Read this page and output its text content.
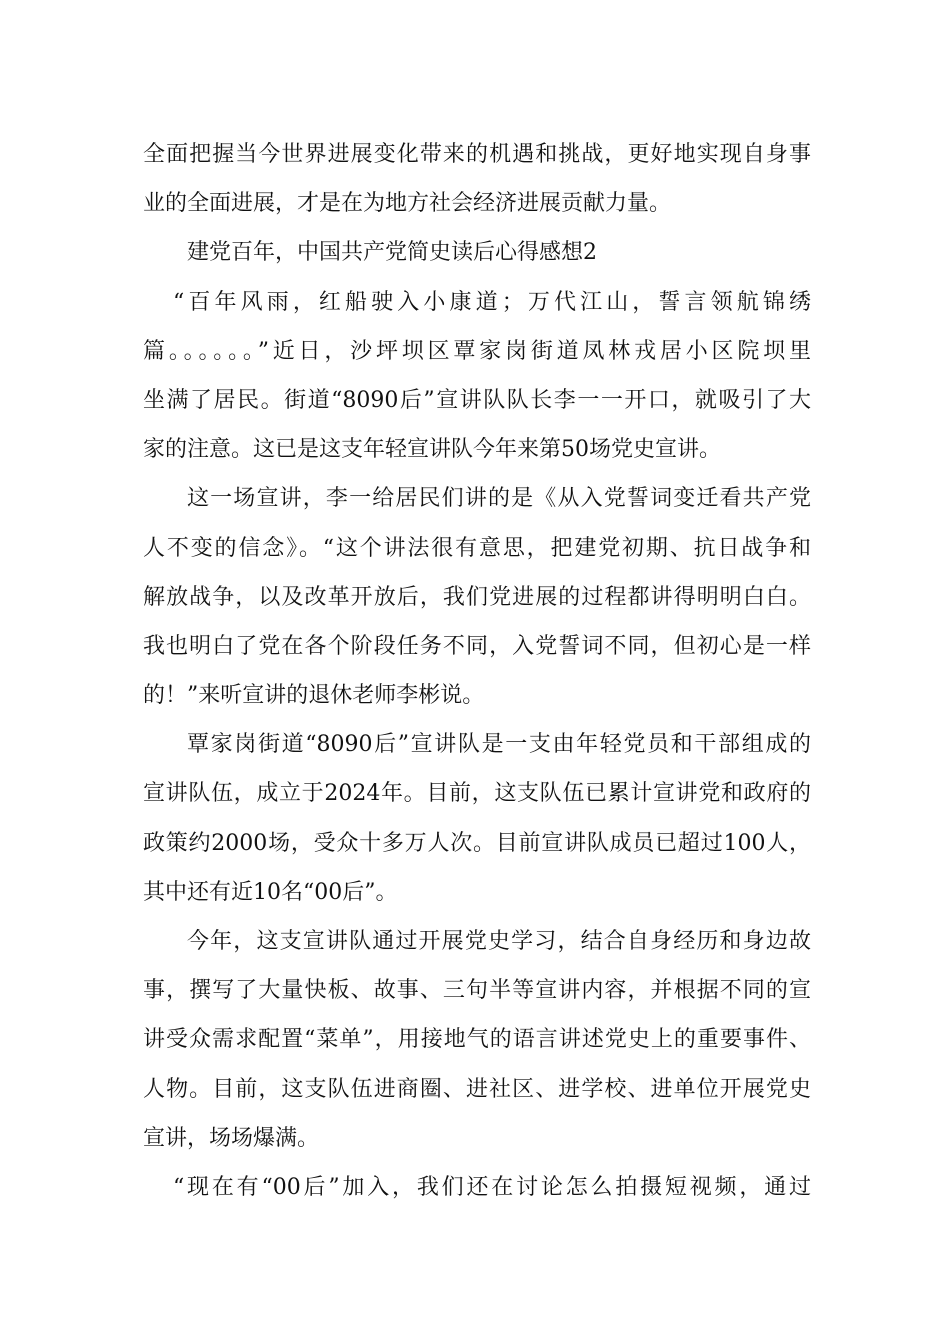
全面把握当今世界进展变化带来的机遇和挑战，更好地实现自身事
业的全面进展，才是在为地方社会经济进展贡献力量。
建党百年，中国共产党简史读后心得感想2
“百年风雨，红船驶入小康道；万代江山，誓言领航锦绣
篇。。。。。。”近日，沙坪坝区覃家岗街道凤林戎居小区院坝里
坐满了居民。街道“8090后”宣讲队队长李一一开口，就吸引了大
家的注意。这已是这支年轻宣讲队今年来第50场党史宣讲。
这一场宣讲，李一给居民们讲的是《从入党誓词变迁看共产党
人不变的信念》。“这个讲法很有意思，把建党初期、抗日战争和
解放战争，以及改革开放后，我们党进展的过程都讲得明明白白。
我也明白了党在各个阶段任务不同，入党誓词不同，但初心是一样
的！”来听宣讲的退休老师李彬说。
覃家岗街道“8090后”宣讲队是一支由年轻党员和干部组成的
宣讲队伍，成立于2024年。目前，这支队伍已累计宣讲党和政府的
政策约2000场，受众十多万人次。目前宣讲队成员已超过100人，
其中还有近10名“00后”。
今年，这支宣讲队通过开展党史学习，结合自身经历和身边故
事，撰写了大量快板、故事、三句半等宣讲内容，并根据不同的宣
讲受众需求配置“菜单”，用接地气的语言讲述党史上的重要事件、
人物。目前，这支队伍进商圈、进社区、进学校、进单位开展党史
宣讲，场场爆满。
“现在有“00后”加入，我们还在讨论怎么拍摄短视频，通过
